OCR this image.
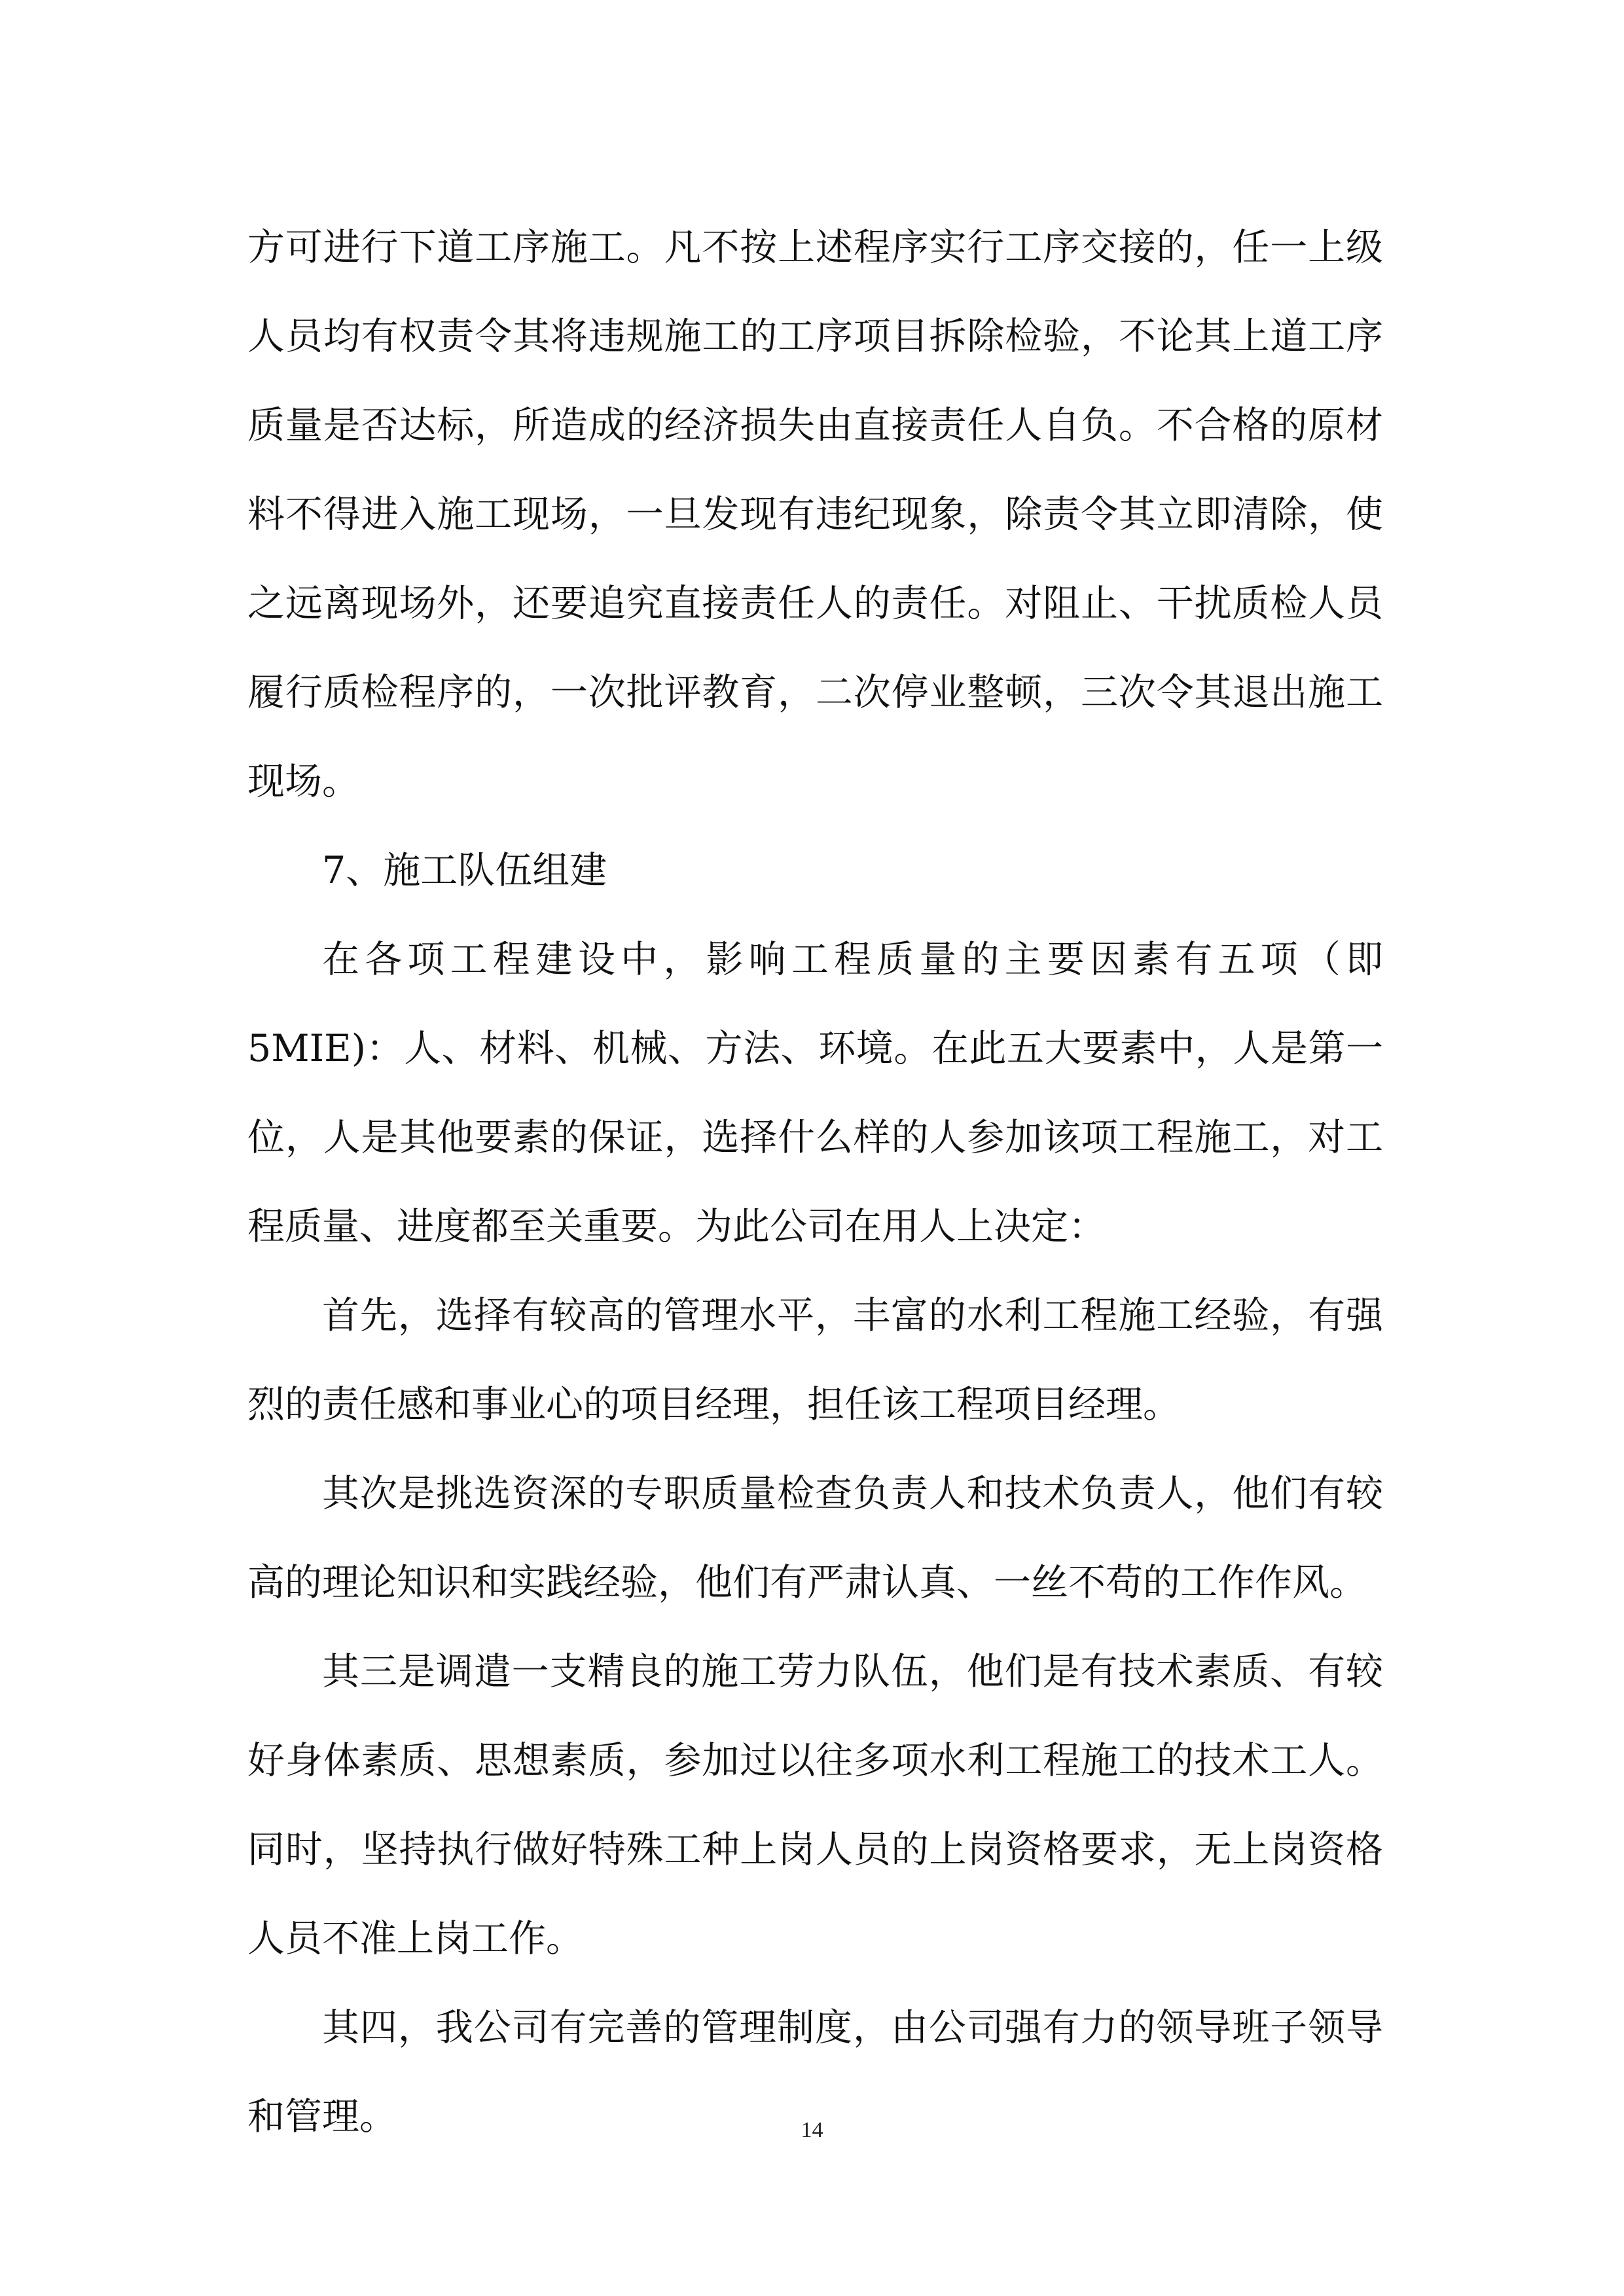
方可进行下道工序施工。凡不按上述程序实行工序交接的，任一上级人员均有权责令其将违规施工的工序项目拆除检验，不论其上道工序质量是否达标，所造成的经济损失由直接责任人自负。不合格的原材料不得进入施工现场，一旦发现有违纪现象，除责令其立即清除，使之远离现场外，还要追究直接责任人的责任。对阻止、干扰质检人员履行质检程序的，一次批评教育，二次停业整顿，三次令其退出施工现场。

7、施工队伍组建

在各项工程建设中，影响工程质量的主要因素有五项（即5MIE)：人、材料、机械、方法、环境。在此五大要素中，人是第一位，人是其他要素的保证，选择什么样的人参加该项工程施工，对工程质量、进度都至关重要。为此公司在用人上决定：

首先，选择有较高的管理水平，丰富的水利工程施工经验，有强烈的责任感和事业心的项目经理，担任该工程项目经理。

其次是挑选资深的专职质量检查负责人和技术负责人，他们有较高的理论知识和实践经验，他们有严肃认真、一丝不苟的工作作风。

其三是调遣一支精良的施工劳力队伍，他们是有技术素质、有较好身体素质、思想素质，参加过以往多项水利工程施工的技术工人。同时，坚持执行做好特殊工种上岗人员的上岗资格要求，无上岗资格人员不准上岗工作。

其四，我公司有完善的管理制度，由公司强有力的领导班子领导和管理。	14
